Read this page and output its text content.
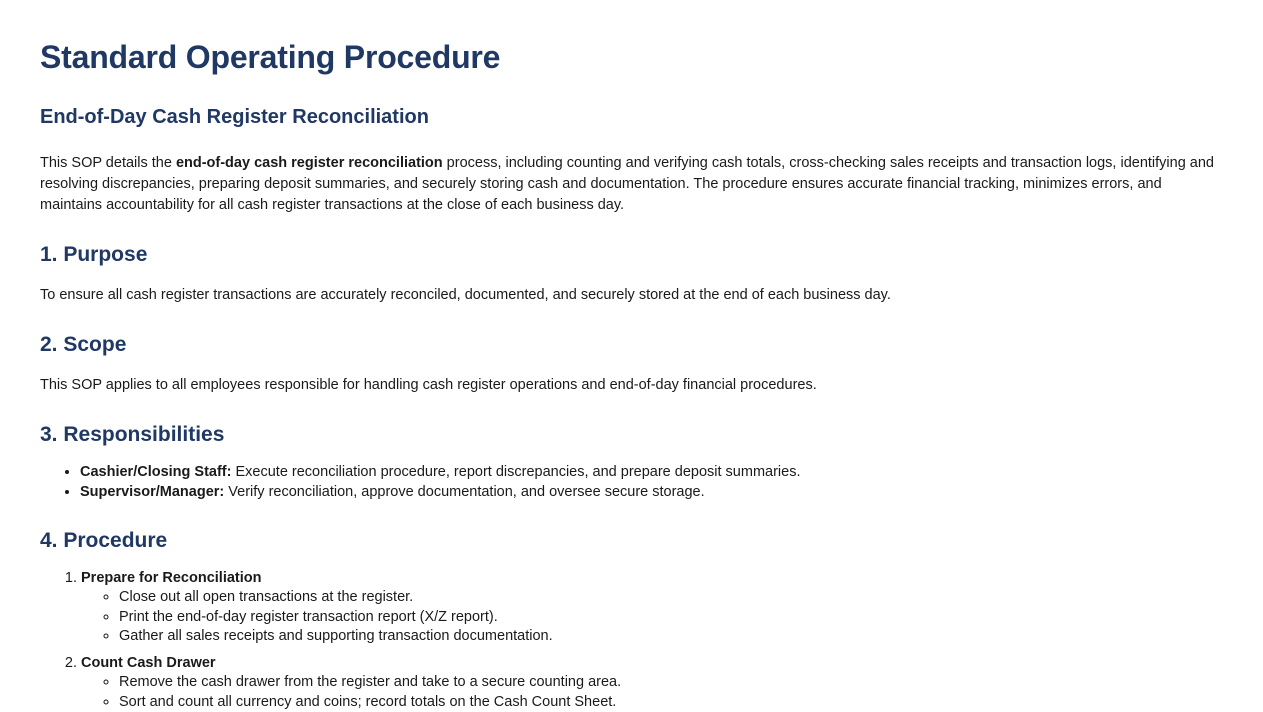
Standard Operating Procedure
End-of-Day Cash Register Reconciliation

This SOP details the end-of-day cash register reconciliation process, including counting and verifying cash totals, cross-checking sales receipts and transaction logs, identifying and resolving discrepancies, preparing deposit summaries, and securely storing cash and documentation. The procedure ensures accurate financial tracking, minimizes errors, and maintains accountability for all cash register transactions at the close of each business day.

1. Purpose

To ensure all cash register transactions are accurately reconciled, documented, and securely stored at the end of each business day.

2. Scope

This SOP applies to all employees responsible for handling cash register operations and end-of-day financial procedures.

3. Responsibilities
• Cashier/Closing Staff: Execute reconciliation procedure, report discrepancies, and prepare deposit summaries.
• Supervisor/Manager: Verify reconciliation, approve documentation, and oversee secure storage.
4. Procedure
1. Prepare for Reconciliation
◦ Close out all open transactions at the register.
◦ Print the end-of-day register transaction report (X/Z report).
◦ Gather all sales receipts and supporting transaction documentation.
2. Count Cash Drawer
◦ Remove the cash drawer from the register and take to a secure counting area.
◦ Sort and count all currency and coins; record totals on the Cash Count Sheet.
